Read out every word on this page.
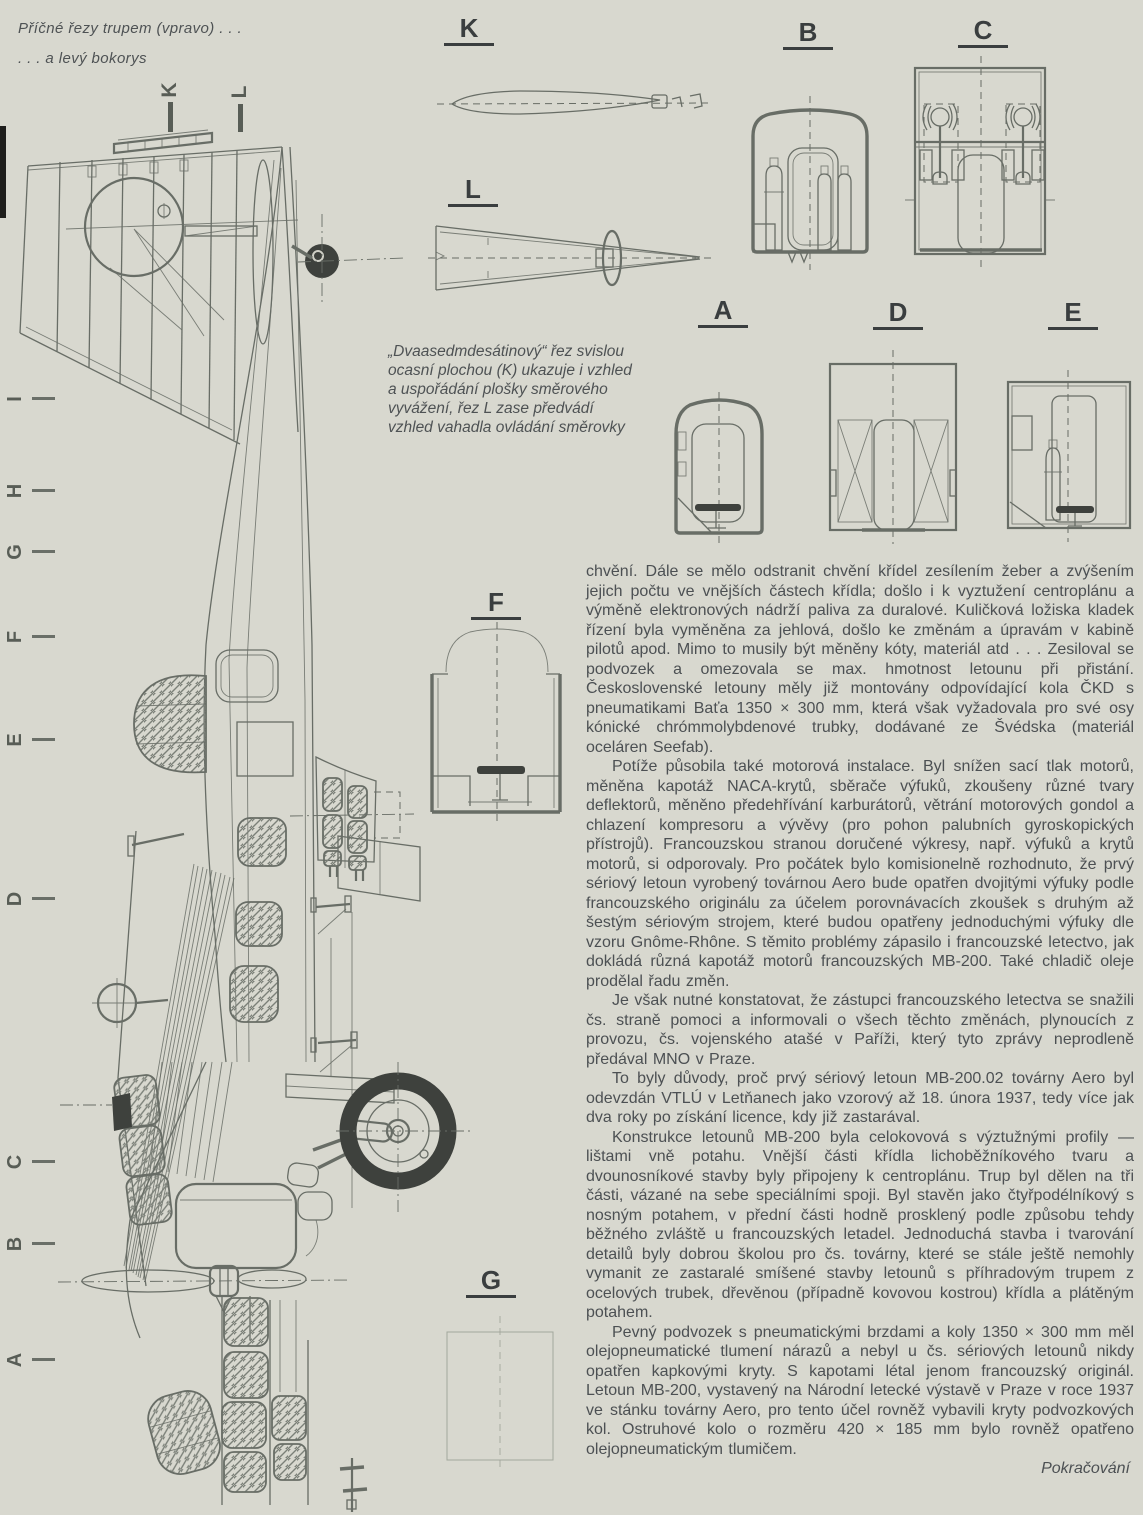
Příčné řezy trupem (vpravo) . . .
. . . a levý bokorys
K
L
B	C
A	D	E
F
G
I
H
G
F
E
D
C
B
A
K L
„Dvaasedmdesátinový“ řez svislou ocasní plochou (K) ukazuje i vzhled a uspořádání plošky směrového vyvážení, řez L zase předvádí vzhled vahadla ovládání směrovky

chvění. Dále se mělo odstranit chvění křídel zesílením žeber a zvýšením jejich počtu ve vnějších částech křídla; došlo i k vyztužení centroplánu a výměně elektronových nádrží paliva za duralové. Kuličková ložiska kladek řízení byla vyměněna za jehlová, došlo ke změnám a úpravám v kabině pilotů apod. Mimo to musily být měněny kóty, materiál atd . . . Zesiloval se podvozek a omezovala se max. hmotnost letounu při přistání. Československé letouny měly již montovány odpovídající kola ČKD s pneumatikami Baťa 1350 × 300 mm, která však vyžadovala pro své osy kónické chrómmolybdenové trubky, dodávané ze Švédska (materiál oceláren Seefab).

Potíže působila také motorová instalace. Byl snížen sací tlak motorů, měněna kapotáž NACA-krytů, sběrače výfuků, zkoušeny různé tvary deflektorů, měněno předehřívání karburátorů, větrání motorových gondol a chlazení kompresoru a vývěvy (pro pohon palubních gyroskopických přístrojů). Francouzskou stranou doručené výkresy, např. výfuků a krytů motorů, si odporovaly. Pro počátek bylo komisionelně rozhodnuto, že prvý sériový letoun vyrobený továrnou Aero bude opatřen dvojitými výfuky podle francouzského originálu za účelem porovnávacích zkoušek s druhým až šestým sériovým strojem, které budou opatřeny jednoduchými výfuky dle vzoru Gnôme-Rhône. S těmito problémy zápasilo i francouzské letectvo, jak dokládá různá kapotáž motorů francouzských MB-200. Také chladič oleje prodělal řadu změn.

Je však nutné konstatovat, že zástupci francouzského letectva se snažili čs. straně pomoci a informovali o všech těchto změnách, plynoucích z provozu, čs. vojenského atašé v Paříži, který tyto zprávy neprodleně předával MNO v Praze.

To byly důvody, proč prvý sériový letoun MB-200.02 továrny Aero byl odevzdán VTLÚ v Letňanech jako vzorový až 18. února 1937, tedy více jak dva roky po získání licence, kdy již zastarával.

Konstrukce letounů MB-200 byla celokovová s výztužnými profily — lištami vně potahu. Vnější části křídla lichoběžníkového tvaru a dvounosníkové stavby byly připojeny k centroplánu. Trup byl dělen na tři části, vázané na sebe speciálními spoji. Byl stavěn jako čtyřpodélníkový s nosným potahem, v přední části hodně prosklený podle způsobu tehdy běžného zvláště u francouzských letadel. Jednoduchá stavba i tvarování detailů byly dobrou školou pro čs. továrny, které se stále ještě nemohly vymanit ze zastaralé smíšené stavby letounů s příhradovým trupem z ocelových trubek, dřevěnou (případně kovovou kostrou) křídla a plátěným potahem.

Pevný podvozek s pneumatickými brzdami a koly 1350 × 300 mm měl olejopneumatické tlumení nárazů a nebyl u čs. sériových letounů nikdy opatřen kapkovými kryty. S kapotami létal jenom francouzský originál. Letoun MB-200, vystavený na Národní letecké výstavě v Praze v roce 1937 ve stánku továrny Aero, pro tento účel rovněž vybavili kryty podvozkových kol. Ostruhové kolo o rozměru 420 × 185 mm bylo rovněž opatřeno olejopneumatickým tlumičem.

Pokračování
